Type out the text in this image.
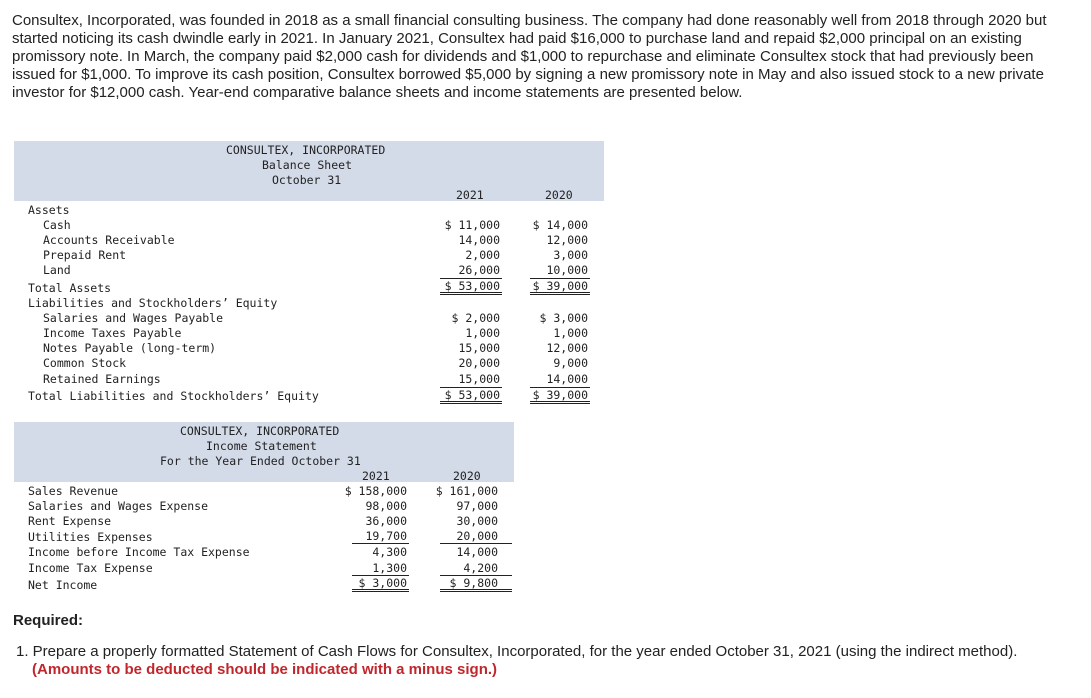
Consultex, Incorporated, was founded in 2018 as a small financial consulting business. The company had done reasonably well from 2018 through 2020 but started noticing its cash dwindle early in 2021. In January 2021, Consultex had paid $16,000 to purchase land and repaid $2,000 principal on an existing promissory note. In March, the company paid $2,000 cash for dividends and $1,000 to repurchase and eliminate Consultex stock that had previously been issued for $1,000. To improve its cash position, Consultex borrowed $5,000 by signing a new promissory note in May and also issued stock to a new private investor for $12,000 cash. Year-end comparative balance sheets and income statements are presented below.
CONSULTEX, INCORPORATED
Balance Sheet
October 31
2021	2020
Assets
Cash	$ 11,000	$ 14,000
Accounts Receivable	14,000	12,000
Prepaid Rent	2,000	3,000
Land	26,000	10,000
Total Assets	$ 53,000	$ 39,000
Liabilities and Stockholders’ Equity
Salaries and Wages Payable	$ 2,000	$ 3,000
Income Taxes Payable	1,000	1,000
Notes Payable (long-term)	15,000	12,000
Common Stock	20,000	9,000
Retained Earnings	15,000	14,000
Total Liabilities and Stockholders’ Equity	$ 53,000	$ 39,000
CONSULTEX, INCORPORATED
Income Statement
For the Year Ended October 31
2021	2020
Sales Revenue	$ 158,000	$ 161,000
Salaries and Wages Expense	98,000	97,000
Rent Expense	36,000	30,000
Utilities Expenses	19,700	20,000
Income before Income Tax Expense	4,300	14,000
Income Tax Expense	1,300	4,200
Net Income	$ 3,000	$ 9,800
Required:
1. Prepare a properly formatted Statement of Cash Flows for Consultex, Incorporated, for the year ended October 31, 2021 (using the indirect method). (Amounts to be deducted should be indicated with a minus sign.)
